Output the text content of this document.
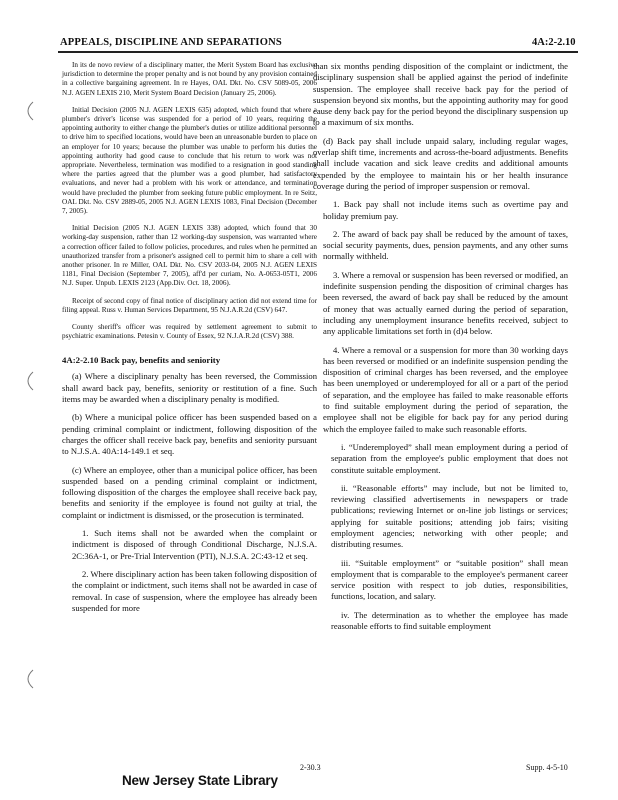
APPEALS, DISCIPLINE AND SEPARATIONS	4A:2-2.10

In its de novo review of a disciplinary matter, the Merit System Board has exclusive jurisdiction to determine the proper penalty and is not bound by any provision contained in a collective bargaining agreement. In re Hayes, OAL Dkt. No. CSV 5089-05, 2006 N.J. AGEN LEXIS 210, Merit System Board Decision (January 25, 2006).

Initial Decision (2005 N.J. AGEN LEXIS 635) adopted, which found that where a plumber's driver's license was suspended for a period of 10 years, requiring the appointing authority to either change the plumber's duties or utilize additional personnel to drive him to specified locations, would have been an unreasonable burden to place on an employer for 10 years; because the plumber was unable to perform his duties the appointing authority had good cause to conclude that his return to work was not appropriate. Nevertheless, termination was modified to a resignation in good standing where the parties agreed that the plumber was a good plumber, had satisfactory evaluations, and never had a problem with his work or attendance, and termination would have precluded the plumber from seeking future public employment. In re Seitz, OAL Dkt. No. CSV 2889-05, 2005 N.J. AGEN LEXIS 1083, Final Decision (December 7, 2005).

Initial Decision (2005 N.J. AGEN LEXIS 338) adopted, which found that 30 working-day suspension, rather than 12 working-day suspension, was warranted where a correction officer failed to follow policies, procedures, and rules when he permitted an unauthorized transfer from a prisoner's assigned cell to permit him to share a cell with another prisoner. In re Miller, OAL Dkt. No. CSV 2033-04, 2005 N.J. AGEN LEXIS 1181, Final Decision (September 7, 2005), aff'd per curiam, No. A-0653-05T1, 2006 N.J. Super. Unpub. LEXIS 2123 (App.Div. Oct. 18, 2006).

Receipt of second copy of final notice of disciplinary action did not extend time for filing appeal. Russ v. Human Services Department, 95 N.J.A.R.2d (CSV) 647.

County sheriff's officer was required by settlement agreement to submit to psychiatric examinations. Petesin v. County of Essex, 92 N.J.A.R.2d (CSV) 388.

4A:2-2.10 Back pay, benefits and seniority

(a) Where a disciplinary penalty has been reversed, the Commission shall award back pay, benefits, seniority or restitution of a fine. Such items may be awarded when a disciplinary penalty is modified.

(b) Where a municipal police officer has been suspended based on a pending criminal complaint or indictment, following disposition of the charges the officer shall receive back pay, benefits and seniority pursuant to N.J.S.A. 40A:14-149.1 et seq.

(c) Where an employee, other than a municipal police officer, has been suspended based on a pending criminal complaint or indictment, following disposition of the charges the employee shall receive back pay, benefits and seniority if the employee is found not guilty at trial, the complaint or indictment is dismissed, or the prosecution is terminated.

1. Such items shall not be awarded when the complaint or indictment is disposed of through Conditional Discharge, N.J.S.A. 2C:36A-1, or Pre-Trial Intervention (PTI), N.J.S.A. 2C:43-12 et seq.

2. Where disciplinary action has been taken following disposition of the complaint or indictment, such items shall not be awarded in case of removal. In case of suspension, where the employee has already been suspended for more

than six months pending disposition of the complaint or indictment, the disciplinary suspension shall be applied against the period of indefinite suspension. The employee shall receive back pay for the period of suspension beyond six months, but the appointing authority may for good cause deny back pay for the period beyond the disciplinary suspension up to a maximum of six months.

(d) Back pay shall include unpaid salary, including regular wages, overlap shift time, increments and across-the-board adjustments. Benefits shall include vacation and sick leave credits and additional amounts expended by the employee to maintain his or her health insurance coverage during the period of improper suspension or removal.

1. Back pay shall not include items such as overtime pay and holiday premium pay.

2. The award of back pay shall be reduced by the amount of taxes, social security payments, dues, pension payments, and any other sums normally withheld.

3. Where a removal or suspension has been reversed or modified, an indefinite suspension pending the disposition of criminal charges has been reversed, the award of back pay shall be reduced by the amount of money that was actually earned during the period of separation, including any unemployment insurance benefits received, subject to any applicable limitations set forth in (d)4 below.

4. Where a removal or a suspension for more than 30 working days has been reversed or modified or an indefinite suspension pending the disposition of criminal charges has been reversed, and the employee has been unemployed or underemployed for all or a part of the period of separation, and the employee has failed to make reasonable efforts to find suitable employment during the period of separation, the employee shall not be eligible for back pay for any period during which the employee failed to make such reasonable efforts.

i. “Underemployed” shall mean employment during a period of separation from the employee's public employment that does not constitute suitable employment.

ii. “Reasonable efforts” may include, but not be limited to, reviewing classified advertisements in newspapers or trade publications; reviewing Internet or on-line job listings or services; applying for suitable positions; attending job fairs; visiting employment agencies; networking with other people; and distributing resumes.

iii. “Suitable employment” or “suitable position” shall mean employment that is comparable to the employee's permanent career service position with respect to job duties, responsibilities, functions, location, and salary.

iv. The determination as to whether the employee has made reasonable efforts to find suitable employment

2-30.3	Supp. 4-5-10
New Jersey State Library
